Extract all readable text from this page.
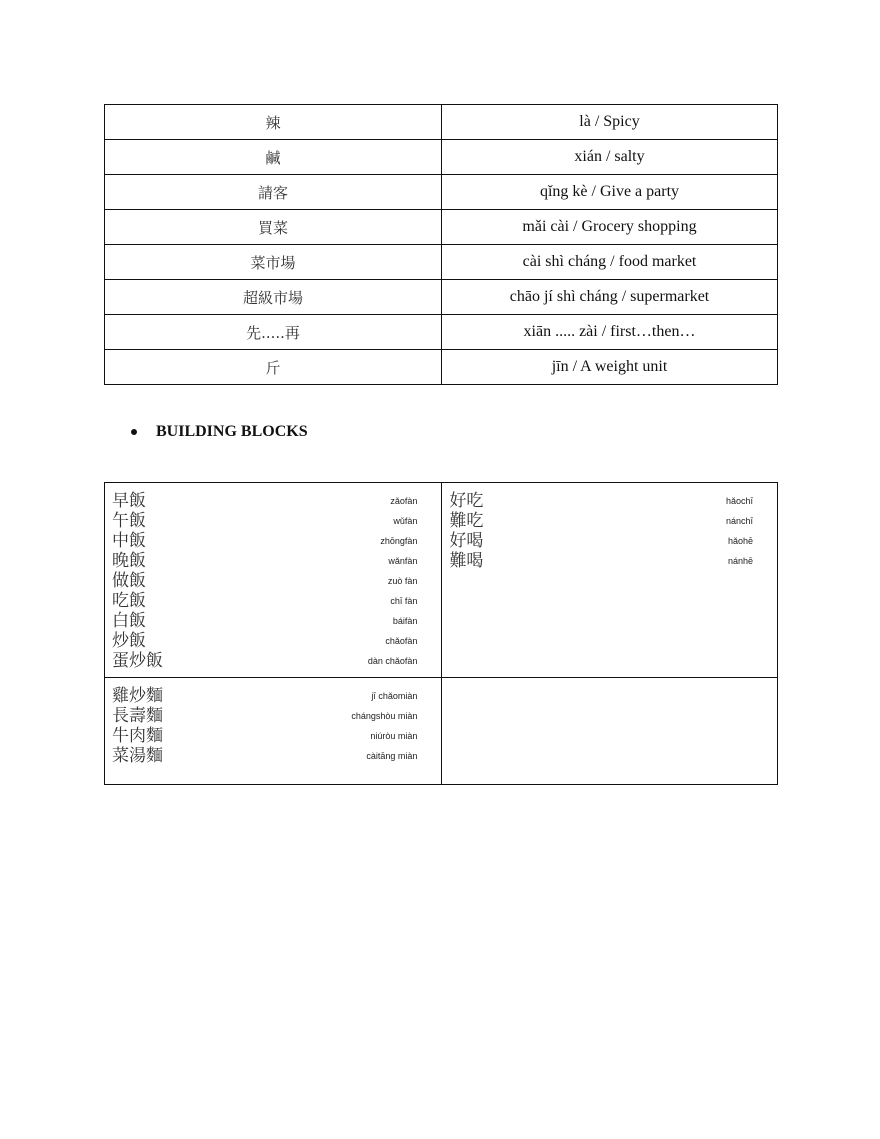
辣	là / Spicy
鹹	xián / salty
請客	qǐng kè / Give a party
買菜	mǎi cài / Grocery shopping
菜市場	cài shì cháng / food market
超級市場	chāo jí shì cháng / supermarket
先.....再	xiān ..... zài / first…then…
斤	jīn / A weight unit
BUILDING BLOCKS
早飯	zǎofàn
午飯	wǔfàn
中飯	zhōngfàn
晚飯	wǎnfàn
做飯	zuò fàn
吃飯	chī fàn
白飯	báifàn
炒飯	chǎofàn
蛋炒飯	dàn chǎofàn

好吃	hǎochī
難吃	nánchī
好喝	hǎohē
難喝	nánhē

雞炒麵	jī chǎomiàn
長壽麵	chángshòu miàn
牛肉麵	niúròu miàn
菜湯麵	càitāng miàn
